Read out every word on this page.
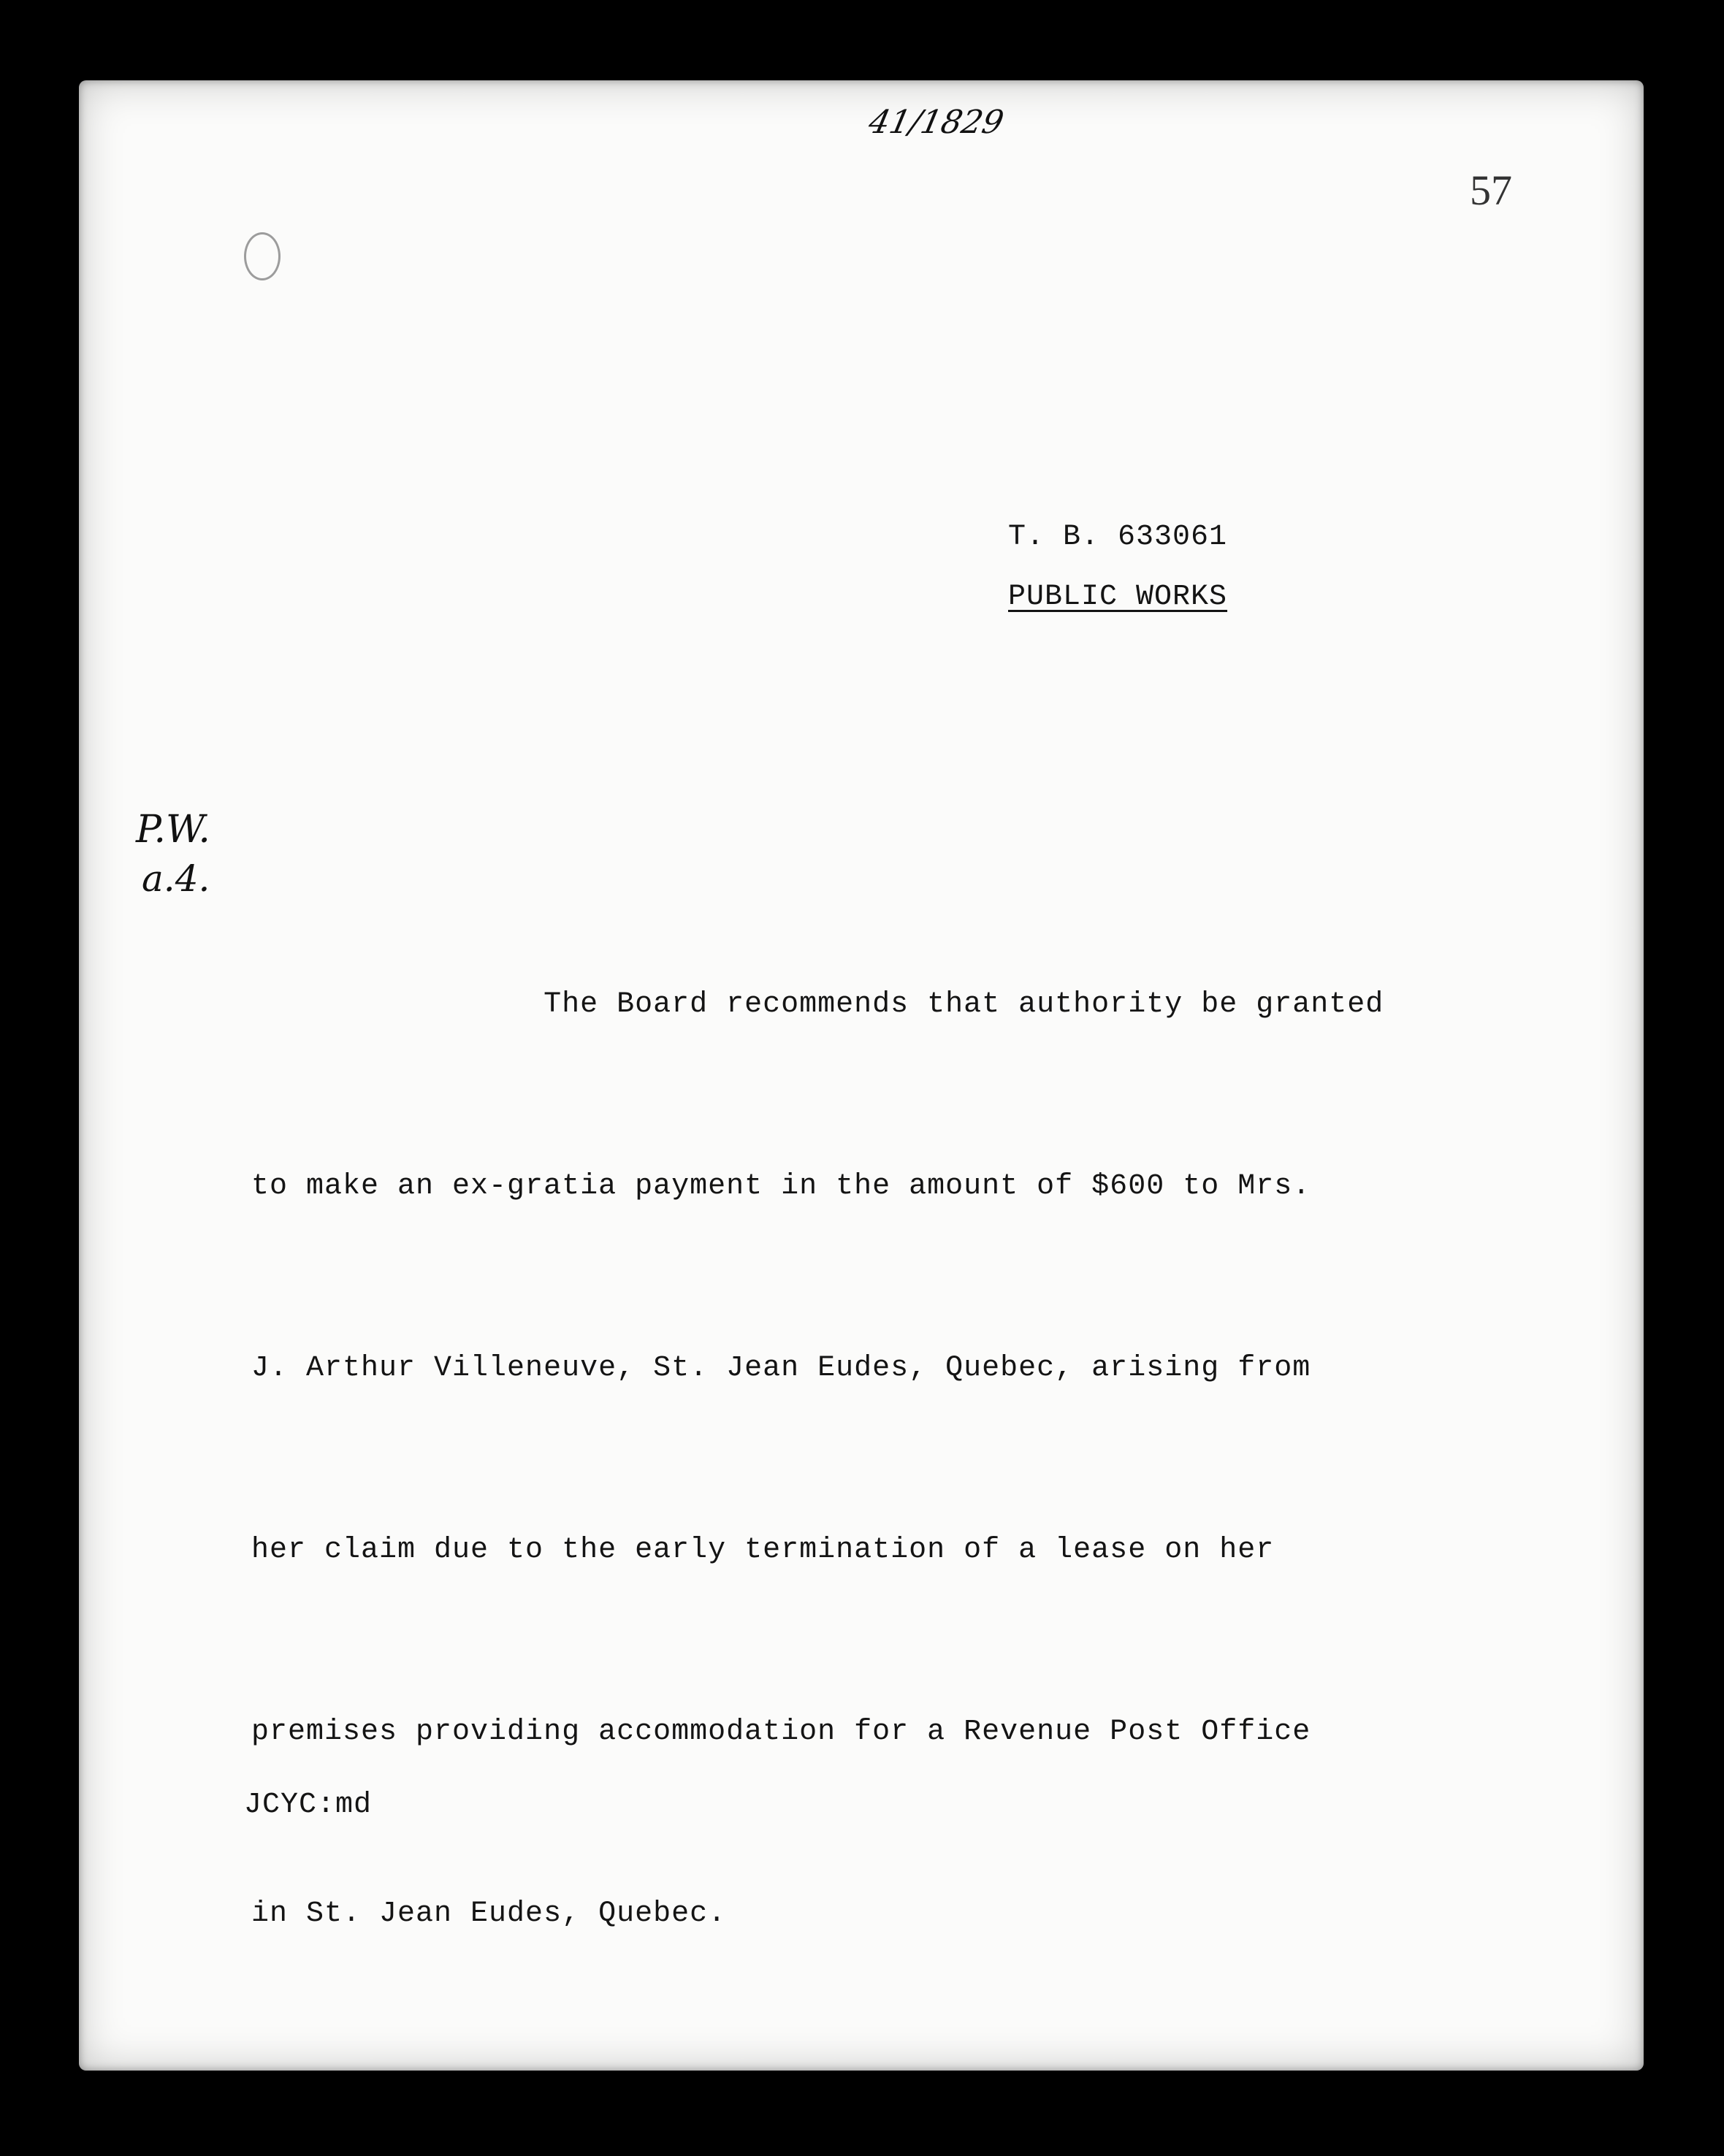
41/1829
57
T. B. 633061
PUBLIC WORKS
P.W.
a.4.

The Board recommends that authority be granted

to make an ex-gratia payment in the amount of $600 to Mrs.

J. Arthur Villeneuve, St. Jean Eudes, Quebec, arising from

her claim due to the early termination of a lease on her

premises providing accommodation for a Revenue Post Office

in St. Jean Eudes, Quebec.

JCYC:md
